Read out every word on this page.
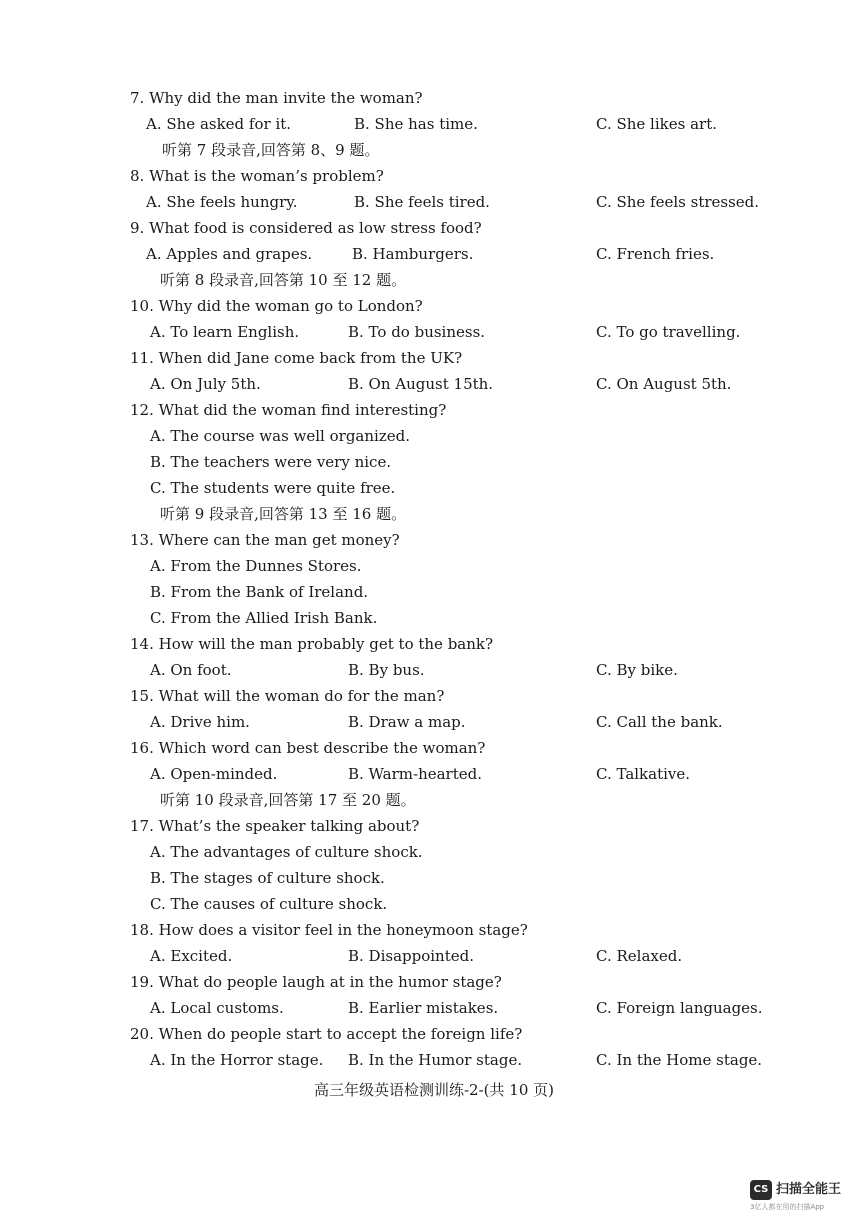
7. Why did the man invite the woman?
A. She asked for it.	B. She has time.	C. She likes art.
听第 7 段录音,回答第 8、9 题。
8. What is the woman’s problem?
A. She feels hungry.	B. She feels tired.	C. She feels stressed.
9. What food is considered as low stress food?
A. Apples and grapes.	B. Hamburgers.	C. French fries.
听第 8 段录音,回答第 10 至 12 题。
10. Why did the woman go to London?
A. To learn English.	B. To do business.	C. To go travelling.
11. When did Jane come back from the UK?
A. On July 5th.	B. On August 15th.	C. On August 5th.
12. What did the woman find interesting?
A. The course was well organized.
B. The teachers were very nice.
C. The students were quite free.
听第 9 段录音,回答第 13 至 16 题。
13. Where can the man get money?
A. From the Dunnes Stores.
B. From the Bank of Ireland.
C. From the Allied Irish Bank.
14. How will the man probably get to the bank?
A. On foot.	B. By bus.	C. By bike.
15. What will the woman do for the man?
A. Drive him.	B. Draw a map.	C. Call the bank.
16. Which word can best describe the woman?
A. Open-minded.	B. Warm-hearted.	C. Talkative.
听第 10 段录音,回答第 17 至 20 题。
17. What’s the speaker talking about?
A. The advantages of culture shock.
B. The stages of culture shock.
C. The causes of culture shock.
18. How does a visitor feel in the honeymoon stage?
A. Excited.	B. Disappointed.	C. Relaxed.
19. What do people laugh at in the humor stage?
A. Local customs.	B. Earlier mistakes.	C. Foreign languages.
20. When do people start to accept the foreign life?
A. In the Horror stage. B. In the Humor stage.	C. In the Home stage.
高三年级英语检测训练-2-(共 10 页)
CS 扫描全能王
3亿人都在用的扫描App
